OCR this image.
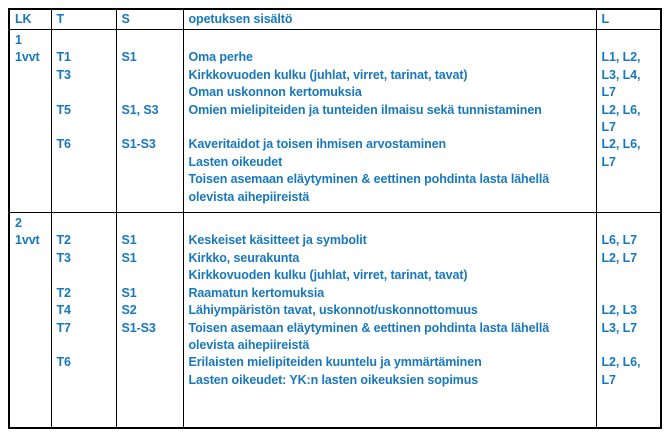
LK	T	S	opetuksen sisältö	L
1				
1vvt	T1	S1	Oma perhe	L1, L2,
	T3		Kirkkovuoden kulku (juhlat, virret, tarinat, tavat)	L3, L4,
			Oman uskonnon kertomuksia	L7
	T5	S1, S3	Omien mielipiteiden ja tunteiden ilmaisu sekä tunnistaminen	L2, L6,
				L7
	T6	S1-S3	Kaveritaidot ja toisen ihmisen arvostaminen	L2, L6,
			Lasten oikeudet	L7
			Toisen asemaan eläytyminen & eettinen pohdinta lasta lähellä	
			olevista aihepiireistä	
2				
1vvt	T2	S1	Keskeiset käsitteet ja symbolit	L6, L7
	T3	S1	Kirkko, seurakunta	L2, L7
			Kirkkovuoden kulku (juhlat, virret, tarinat, tavat)	
	T2	S1	Raamatun kertomuksia	
	T4	S2	Lähiympäristön tavat, uskonnot/uskonnottomuus	L2, L3
	T7	S1-S3	Toisen asemaan eläytyminen & eettinen pohdinta lasta lähellä	L3, L7
			olevista aihepiireistä	
	T6		Erilaisten mielipiteiden kuuntelu ja ymmärtäminen	L2, L6,
			Lasten oikeudet: YK:n lasten oikeuksien sopimus	L7
